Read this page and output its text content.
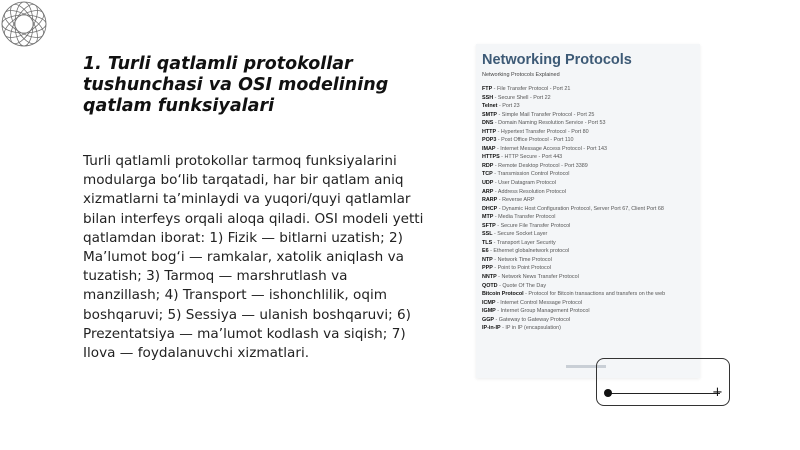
1. Turli qatlamli protokollar tushunchasi va OSI modelining qatlam funksiyalari

Turli qatlamli protokollar tarmoq funksiyalarini modularga bo‘lib tarqatadi, har bir qatlam aniq xizmatlarni ta’minlaydi va yuqori/quyi qatlamlar bilan interfeys orqali aloqa qiladi. OSI modeli yetti qatlamdan iborat: 1) Fizik — bitlarni uzatish; 2) Ma’lumot bog‘i — ramkalar, xatolik aniqlash va tuzatish; 3) Tarmoq — marshrutlash va manzillash; 4) Transport — ishonchlilik, oqim boshqaruvi; 5) Sessiya — ulanish boshqaruvi; 6) Prezentatsiya — ma’lumot kodlash va siqish; 7) Ilova — foydalanuvchi xizmatlari.

Networking Protocols
Networking Protocols Explained
FTP - File Transfer Protocol - Port 21
SSH - Secure Shell - Port 22
Telnet - Port 23
SMTP - Simple Mail Transfer Protocol - Port 25
DNS - Domain Naming Resolution Service - Port 53
HTTP - Hypertext Transfer Protocol - Port 80
POP3 - Post Office Protocol - Port 110
IMAP - Internet Message Access Protocol - Port 143
HTTPS - HTTP Secure - Port 443
RDP - Remote Desktop Protocol - Port 3389
TCP - Transmission Control Protocol
UDP - User Datagram Protocol
ARP - Address Resolution Protocol
RARP - Reverse ARP
DHCP - Dynamic Host Configuration Protocol, Server Port 67, Client Port 68
MTP - Media Transfer Protocol
SFTP - Secure File Transfer Protocol
SSL - Secure Socket Layer
TLS - Transport Layer Security
E6 - Ethernet globalnetwork protocol
NTP - Network Time Protocol
PPP - Point to Point Protocol
NNTP - Network News Transfer Protocol
QOTD - Quote Of The Day
Bitcoin Protocol - Protocol for Bitcoin transactions and transfers on the web
ICMP - Internet Control Message Protocol
IGMP - Internet Group Management Protocol
GGP - Gateway to Gateway Protocol
IP-in-IP - IP in IP (encapsulation)
+
